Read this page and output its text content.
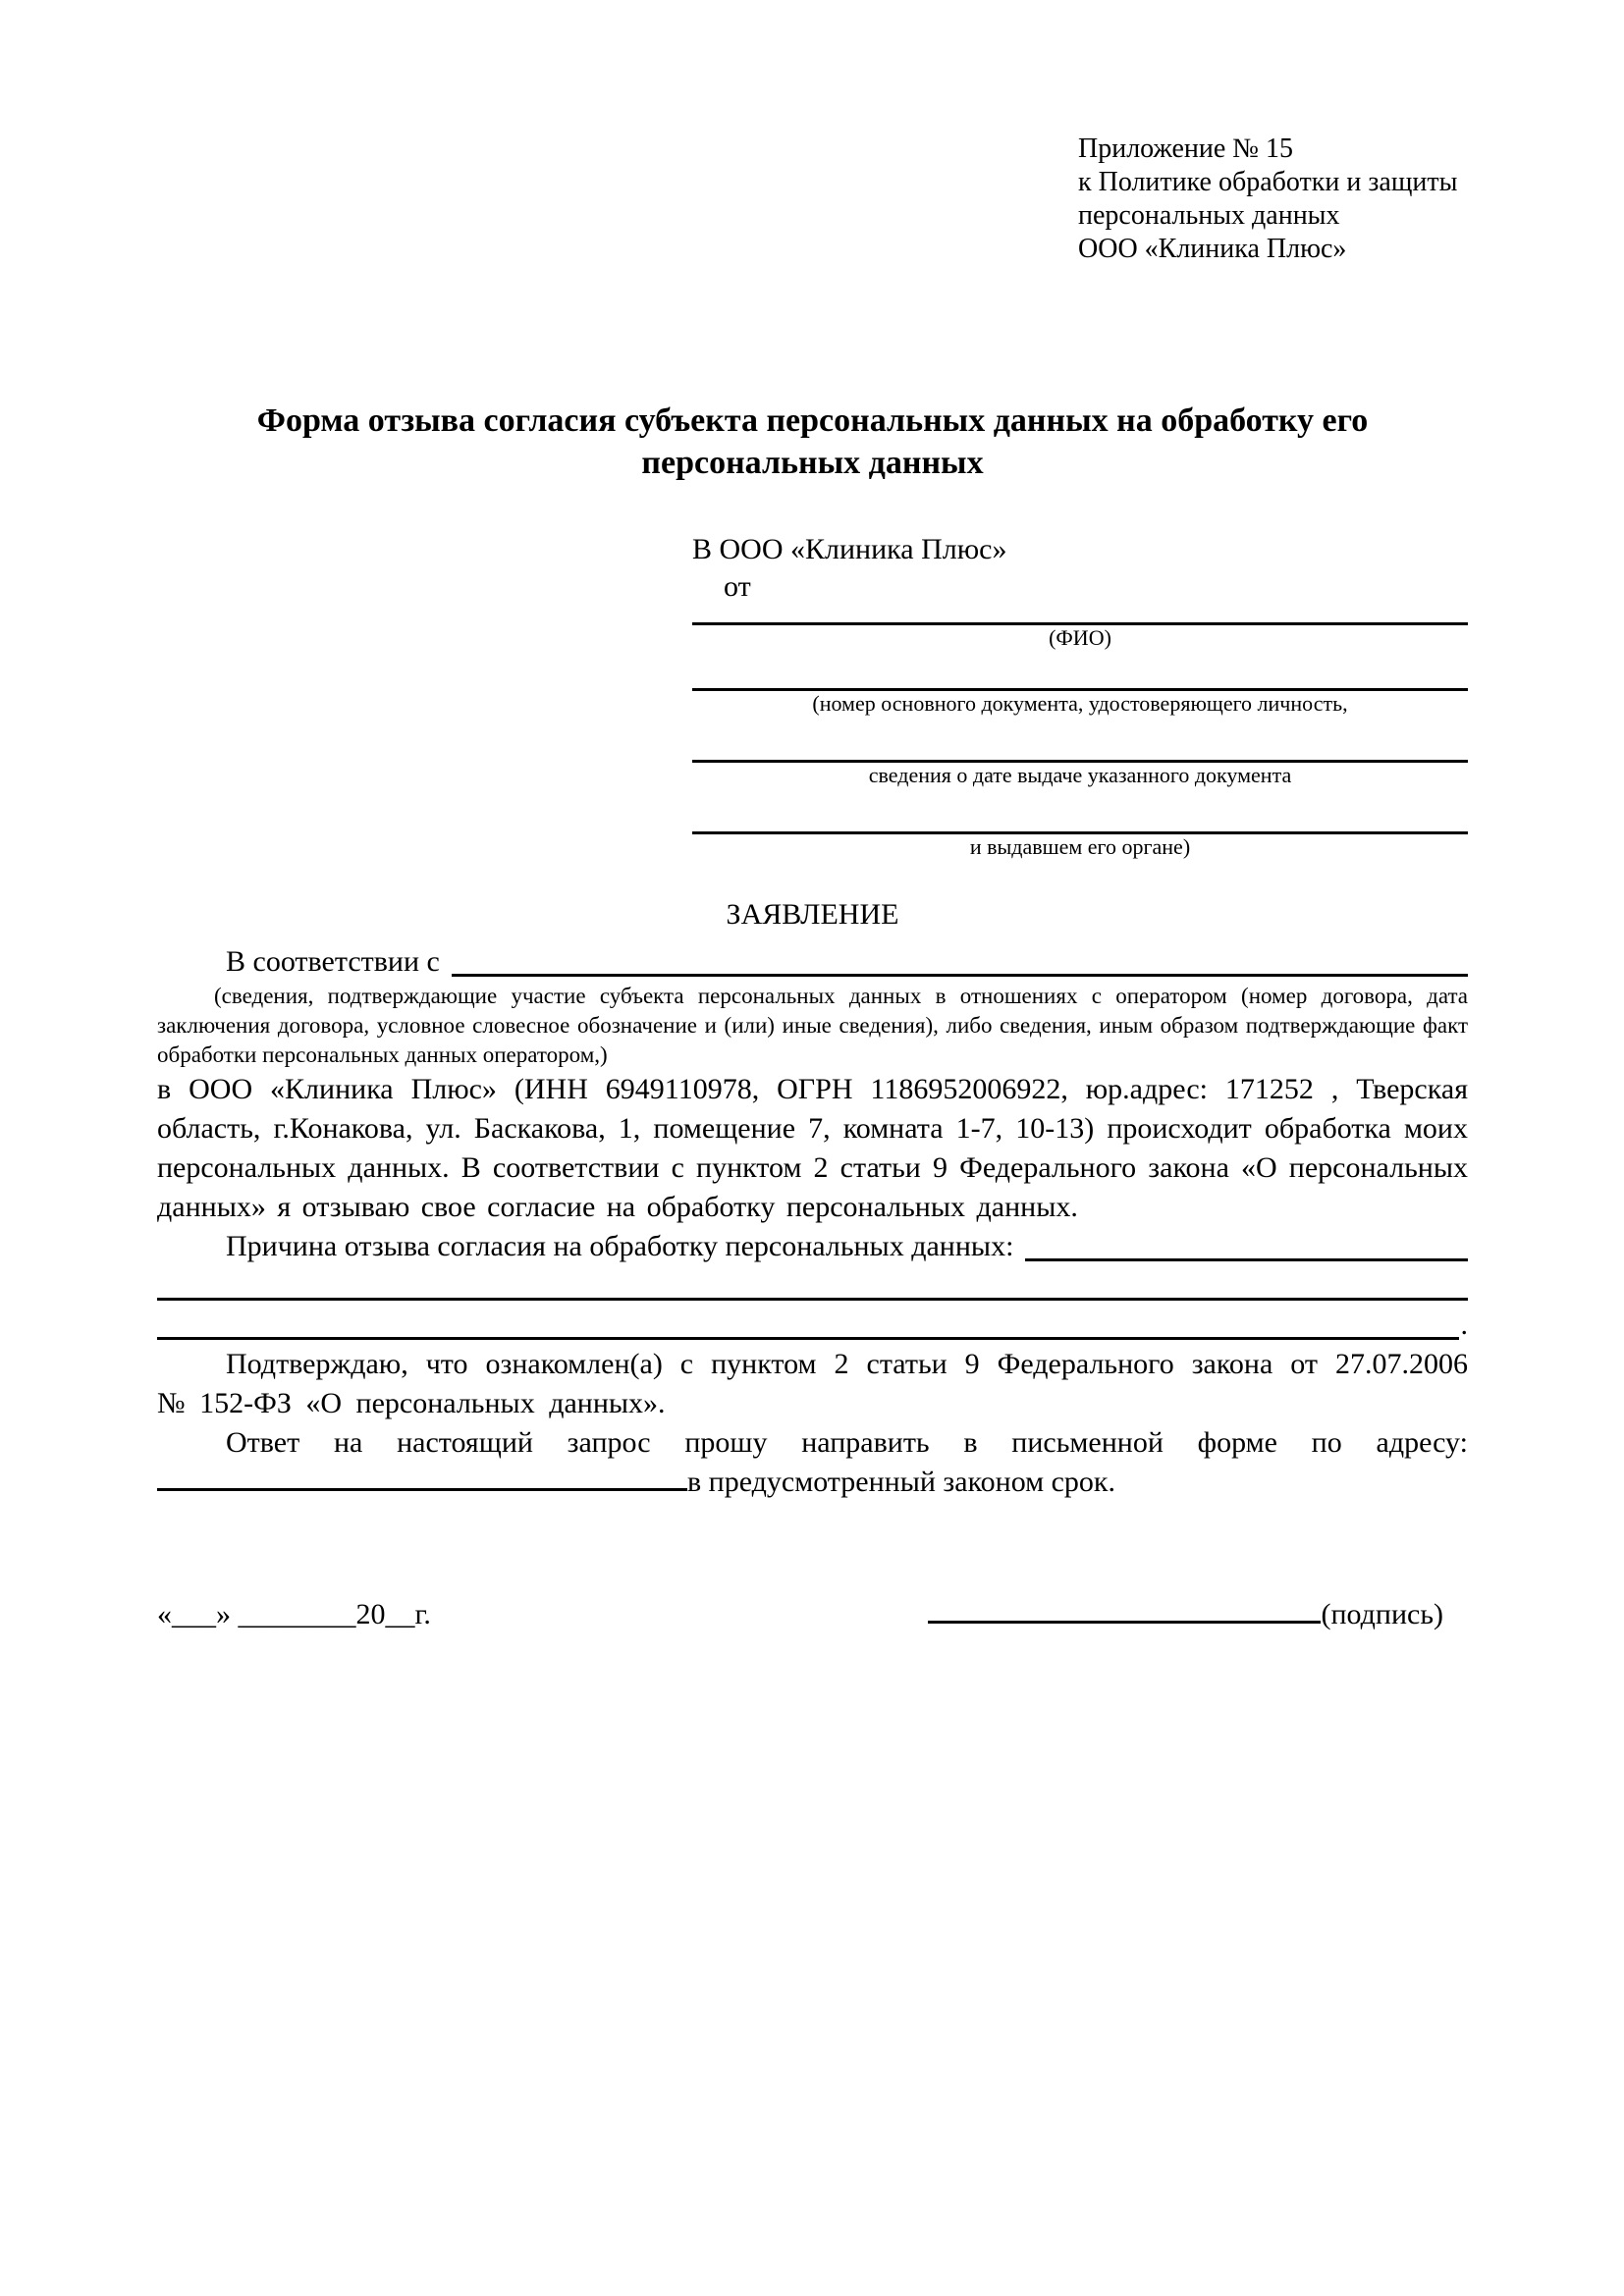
Приложение № 15
к Политике обработки и защиты
персональных данных
ООО «Клиника Плюс»
Форма отзыва согласия субъекта персональных данных на обработку его персональных данных
В ООО «Клиника Плюс»
от
(ФИО)
(номер основного документа, удостоверяющего личность,
сведения о дате выдаче указанного документа
и выдавшем его органе)
ЗАЯВЛЕНИЕ
В соответствии с

(сведения, подтверждающие участие субъекта персональных данных в отношениях с оператором (номер договора, дата заключения договора, условное словесное обозначение и (или) иные сведения), либо сведения, иным образом подтверждающие факт обработки персональных данных оператором,)

в ООО «Клиника Плюс» (ИНН 6949110978, ОГРН 1186952006922, юр.адрес: 171252 , Тверская область, г.Конакова, ул. Баскакова, 1, помещение 7, комната 1-7, 10-13) происходит обработка моих персональных данных. В соответствии с пунктом 2 статьи 9 Федерального закона «О персональных данных» я отзываю свое согласие на обработку персональных данных.

Причина отзыва согласия на обработку персональных данных:
.

Подтверждаю, что ознакомлен(а) с пунктом 2 статьи 9 Федерального закона от 27.07.2006 № 152-ФЗ «О персональных данных».

Ответ на настоящий запрос прошу направить в письменной форме по адресу:

в предусмотренный законом срок.
«___» ________20__г.	(подпись)
